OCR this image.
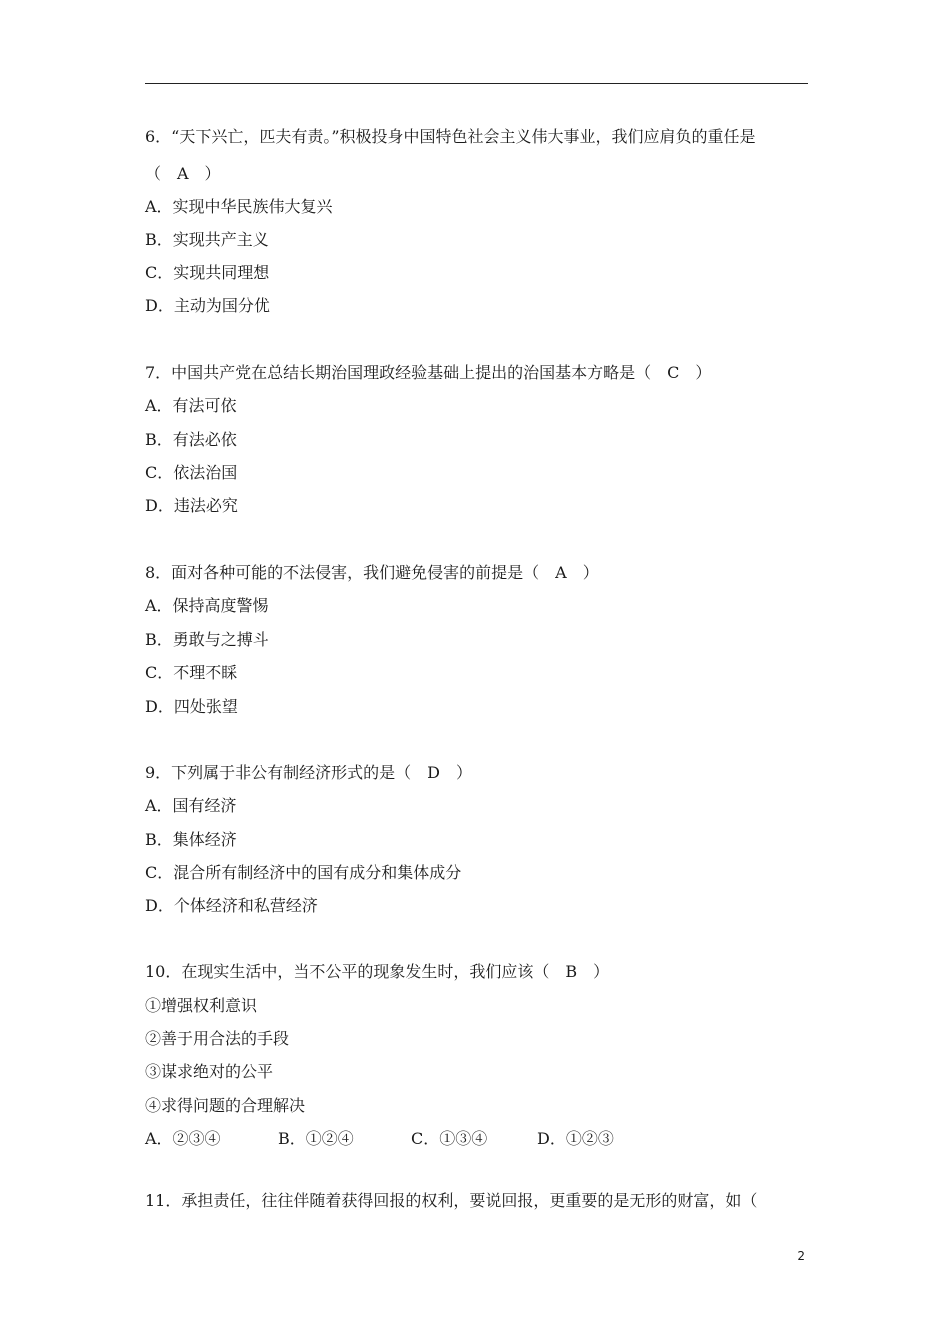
6．“天下兴亡，匹夫有责。”积极投身中国特色社会主义伟大事业，我们应肩负的重任是
（　A　）
A．实现中华民族伟大复兴
B．实现共产主义
C．实现共同理想
D．主动为国分优
7．中国共产党在总结长期治国理政经验基础上提出的治国基本方略是（　C　）
A．有法可依
B．有法必依
C．依法治国
D．违法必究
8．面对各种可能的不法侵害，我们避免侵害的前提是（　A　）
A．保持高度警惕
B．勇敢与之搏斗
C．不理不睬
D．四处张望
9．下列属于非公有制经济形式的是（　D　）
A．国有经济
B．集体经济
C．混合所有制经济中的国有成分和集体成分
D．个体经济和私营经济
10．在现实生活中，当不公平的现象发生时，我们应该（　B　）
①增强权利意识
②善于用合法的手段
③谋求绝对的公平
④求得问题的合理解决
A．②③④	B．①②④	C．①③④	D．①②③
11．承担责任，往往伴随着获得回报的权利，要说回报，更重要的是无形的财富，如（
2
